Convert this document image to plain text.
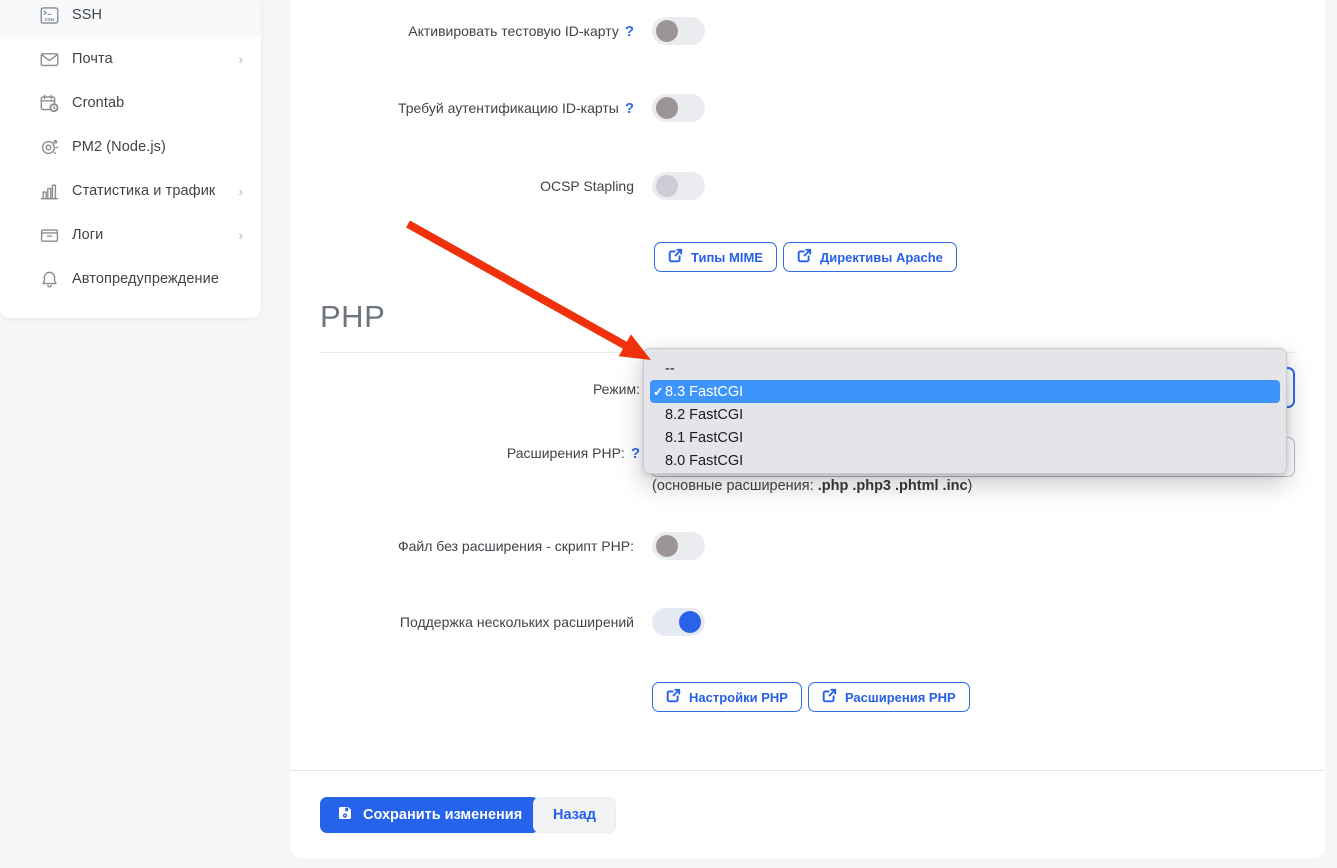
SSH SSH
Почта	›
Crontab
PM2 (Node.js)
Статистика и трафик ›
Логи	›
Автопредупреждение
Активировать тестовую ID-карту ?
Требуй аутентификацию ID-карты ?
OCSP Stapling
Типы MIME	Директивы Apache
PHP
Режим:
Расширения PHP: ?
(основные расширения: .php .php3 .phtml .inc)
Файл без расширения - скрипт PHP:
Поддержка нескольких расширений
Настройки PHP	Расширения PHP
Сохранить изменения Назад
--
✓ 8.3 FastCGI
8.2 FastCGI
8.1 FastCGI
8.0 FastCGI
